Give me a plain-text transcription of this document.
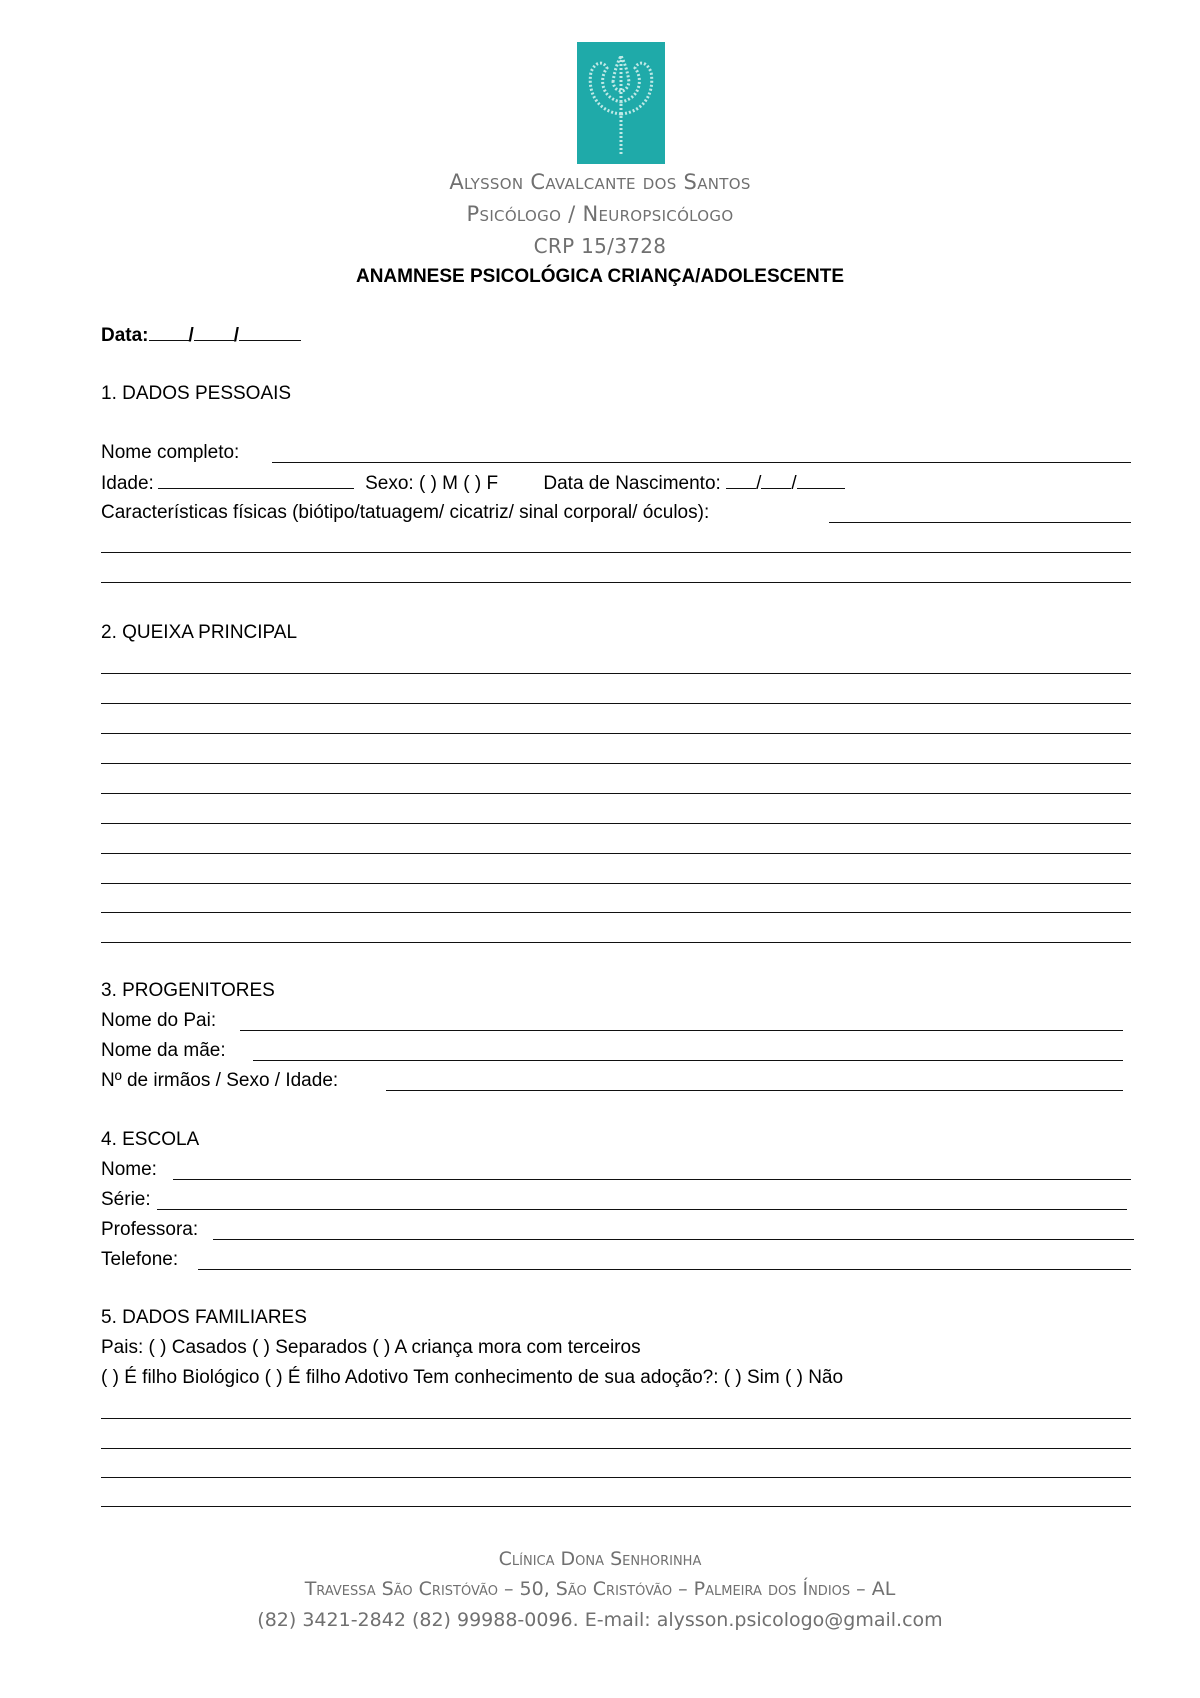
Alysson Cavalcante dos Santos
Psicólogo / Neuropsicólogo
CRP 15/3728
ANAMNESE PSICOLÓGICA CRIANÇA/ADOLESCENTE
Data: / /
1. DADOS PESSOAIS
Nome completo:
Idade:	Sexo: ( ) M ( ) F Data de Nascimento: / /
Características físicas (biótipo/tatuagem/ cicatriz/ sinal corporal/ óculos):
2. QUEIXA PRINCIPAL
3. PROGENITORES
Nome do Pai:
Nome da mãe:
Nº de irmãos / Sexo / Idade:
4. ESCOLA
Nome:
Série:
Professora:
Telefone:
5. DADOS FAMILIARES
Pais: ( ) Casados ( ) Separados ( ) A criança mora com terceiros
( ) É filho Biológico ( ) É filho Adotivo Tem conhecimento de sua adoção?: ( ) Sim ( ) Não
Clínica Dona Senhorinha
Travessa São Cristóvão – 50, São Cristóvão – Palmeira dos Índios – AL
(82) 3421-2842 (82) 99988-0096. E-mail: alysson.psicologo@gmail.com
